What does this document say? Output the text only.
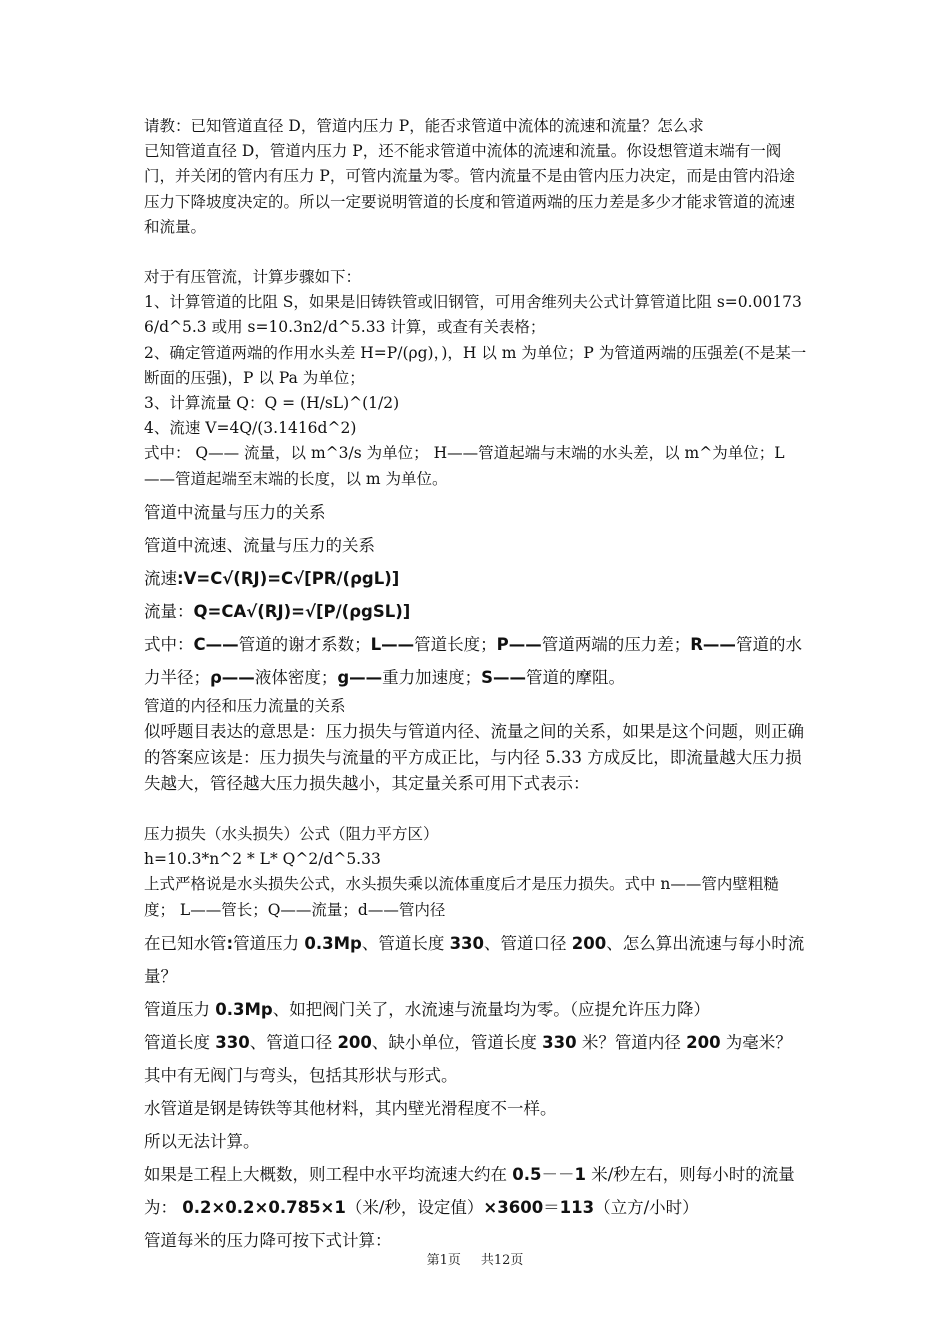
请教：已知管道直径 D，管道内压力 P，能否求管道中流体的流速和流量？怎么求

已知管道直径 D，管道内压力 P，还不能求管道中流体的流速和流量。你设想管道末端有一阀门，并关闭的管内有压力 P，可管内流量为零。管内流量不是由管内压力决定，而是由管内沿途压力下降坡度决定的。所以一定要说明管道的长度和管道两端的压力差是多少才能求管道的流速和流量。

对于有压管流，计算步骤如下：

1、计算管道的比阻 S，如果是旧铸铁管或旧钢管，可用舍维列夫公式计算管道比阻 s=0.001736/d^5.3 或用 s=10.3n2/d^5.33 计算，或查有关表格；

2、确定管道两端的作用水头差 H=P/(ρg)，)，H 以 m 为单位；P 为管道两端的压强差(不是某一断面的压强)，P 以 Pa 为单位；

3、计算流量 Q：Q = (H/sL)^(1/2)

4、流速 V=4Q/(3.1416d^2)

式中： Q—— 流量，以 m^3/s 为单位； H——管道起端与末端的水头差，以 m^为单位；L——管道起端至末端的长度，以 m 为单位。

管道中流量与压力的关系

管道中流速、流量与压力的关系

流速:V=C√(RJ)=C√[PR/(ρgL)]

流量：Q=CA√(RJ)=√[P/(ρgSL)]

式中：C——管道的谢才系数；L——管道长度；P——管道两端的压力差；R——管道的水力半径；ρ——液体密度；g——重力加速度；S——管道的摩阻。

管道的内径和压力流量的关系

似呼题目表达的意思是：压力损失与管道内径、流量之间的关系，如果是这个问题，则正确的答案应该是：压力损失与流量的平方成正比，与内径 5.33 方成反比，即流量越大压力损失越大，管径越大压力损失越小，其定量关系可用下式表示：

压力损失（水头损失）公式（阻力平方区）

h=10.3*n^2 * L* Q^2/d^5.33

上式严格说是水头损失公式，水头损失乘以流体重度后才是压力损失。式中 n——管内壁粗糙度； L——管长；Q——流量；d——管内径

在已知水管:管道压力 0.3Mp、管道长度 330、管道口径 200、怎么算出流速与每小时流量？

管道压力 0.3Mp、如把阀门关了，水流速与流量均为零。（应提允许压力降）

管道长度 330、管道口径 200、缺小单位，管道长度 330 米？管道内径 200 为毫米？

其中有无阀门与弯头，包括其形状与形式。

水管道是钢是铸铁等其他材料，其内壁光滑程度不一样。

所以无法计算。

如果是工程上大概数，则工程中水平均流速大约在 0.5－－1 米/秒左右，则每小时的流量为： 0.2×0.2×0.785×1（米/秒，设定值）×3600＝113（立方/小时）

管道每米的压力降可按下式计算：

第1页 共12页
